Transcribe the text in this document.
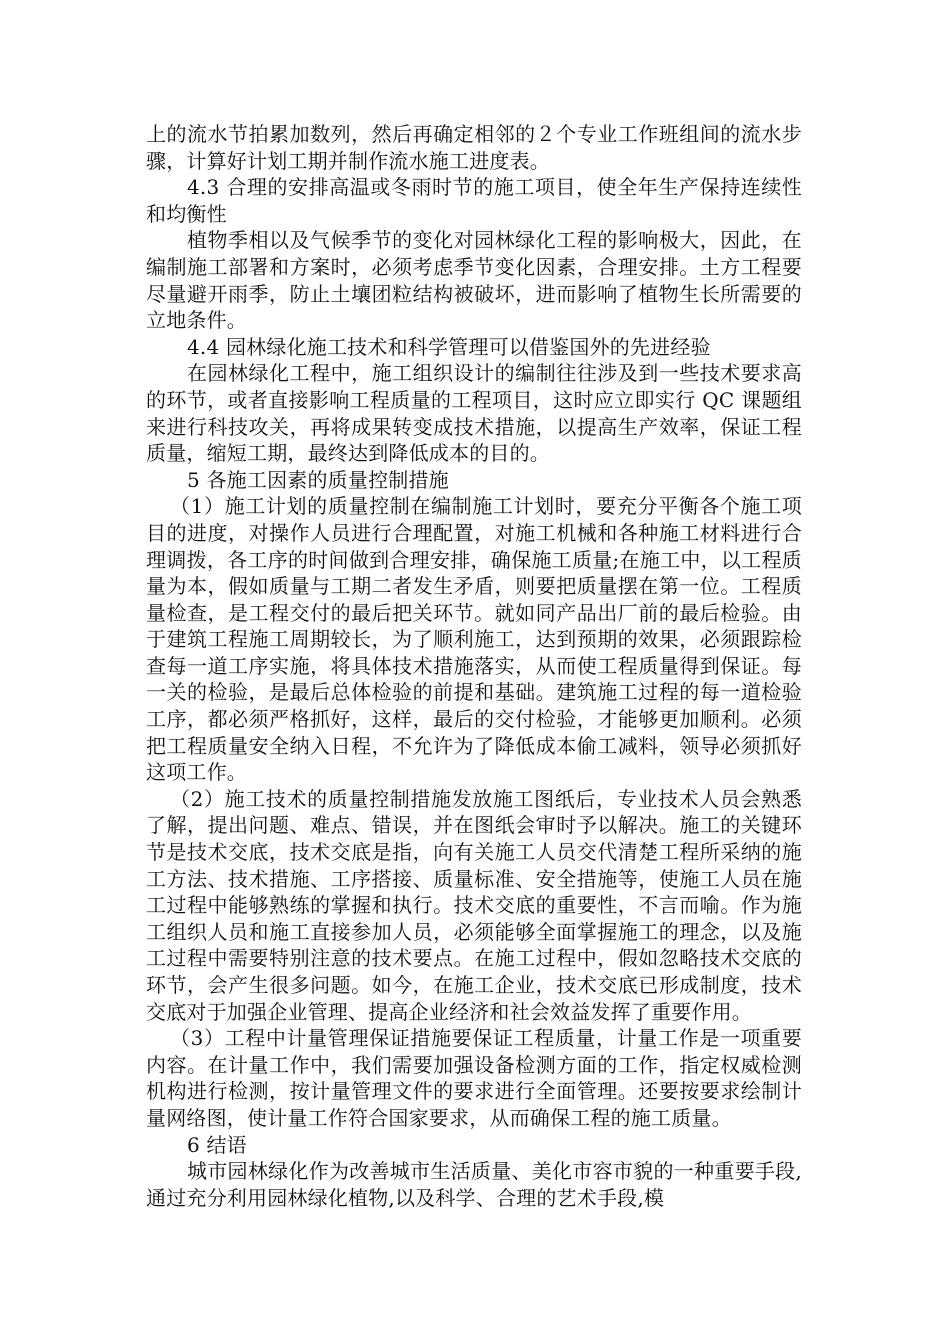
上的流水节拍累加数列，然后再确定相邻的２个专业工作班组间的流水步骤，计算好计划工期并制作流水施工进度表。

4.3 合理的安排高温或冬雨时节的施工项目，使全年生产保持连续性和均衡性

植物季相以及气候季节的变化对园林绿化工程的影响极大，因此，在编制施工部署和方案时，必须考虑季节变化因素，合理安排。土方工程要尽量避开雨季，防止土壤团粒结构被破坏，进而影响了植物生长所需要的立地条件。

4.4 园林绿化施工技术和科学管理可以借鉴国外的先进经验

在园林绿化工程中，施工组织设计的编制往往涉及到一些技术要求高的环节，或者直接影响工程质量的工程项目，这时应立即实行 QC 课题组来进行科技攻关，再将成果转变成技术措施，以提高生产效率，保证工程质量，缩短工期，最终达到降低成本的目的。

5 各施工因素的质量控制措施

（1）施工计划的质量控制在编制施工计划时，要充分平衡各个施工项目的进度，对操作人员进行合理配置，对施工机械和各种施工材料进行合理调拨，各工序的时间做到合理安排，确保施工质量;在施工中，以工程质量为本，假如质量与工期二者发生矛盾，则要把质量摆在第一位。工程质量检查，是工程交付的最后把关环节。就如同产品出厂前的最后检验。由于建筑工程施工周期较长，为了顺利施工，达到预期的效果，必须跟踪检查每一道工序实施，将具体技术措施落实，从而使工程质量得到保证。每一关的检验，是最后总体检验的前提和基础。建筑施工过程的每一道检验工序，都必须严格抓好，这样，最后的交付检验，才能够更加顺利。必须把工程质量安全纳入日程，不允许为了降低成本偷工减料，领导必须抓好这项工作。

（2）施工技术的质量控制措施发放施工图纸后，专业技术人员会熟悉了解，提出问题、难点、错误，并在图纸会审时予以解决。施工的关键环节是技术交底，技术交底是指，向有关施工人员交代清楚工程所采纳的施工方法、技术措施、工序搭接、质量标准、安全措施等，使施工人员在施工过程中能够熟练的掌握和执行。技术交底的重要性，不言而喻。作为施工组织人员和施工直接参加人员，必须能够全面掌握施工的理念，以及施工过程中需要特别注意的技术要点。在施工过程中，假如忽略技术交底的环节，会产生很多问题。如今，在施工企业，技术交底已形成制度，技术交底对于加强企业管理、提高企业经济和社会效益发挥了重要作用。

（3）工程中计量管理保证措施要保证工程质量，计量工作是一项重要内容。在计量工作中，我们需要加强设备检测方面的工作，指定权威检测机构进行检测，按计量管理文件的要求进行全面管理。还要按要求绘制计量网络图，使计量工作符合国家要求，从而确保工程的施工质量。

6 结语

城市园林绿化作为改善城市生活质量、美化市容市貌的一种重要手段,通过充分利用园林绿化植物,以及科学、合理的艺术手段,模
